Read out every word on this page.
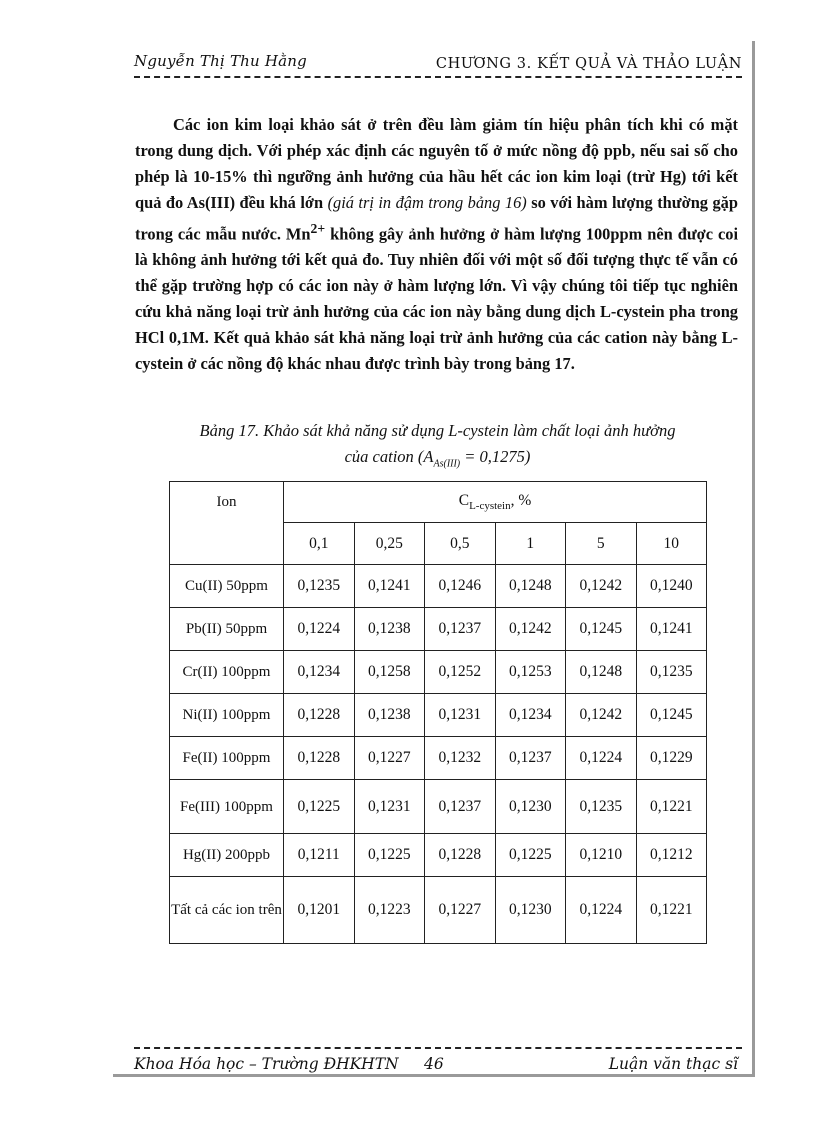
Nguyễn Thị Thu Hằng	CHƯƠNG 3. KẾT QUẢ VÀ THẢO LUẬN

Các ion kim loại khảo sát ở trên đều làm giảm tín hiệu phân tích khi có mặt trong dung dịch. Với phép xác định các nguyên tố ở mức nồng độ ppb, nếu sai số cho phép là 10-15% thì ngưỡng ảnh hưởng của hầu hết các ion kim loại (trừ Hg) tới kết quả đo As(III) đều khá lớn (giá trị in đậm trong bảng 16) so với hàm lượng thường gặp trong các mẫu nước. $Mn^{2+}$ không gây ảnh hưởng ở hàm lượng 100ppm nên được coi là không ảnh hưởng tới kết quả đo. Tuy nhiên đối với một số đối tượng thực tế vẫn có thể gặp trường hợp có các ion này ở hàm lượng lớn. Vì vậy chúng tôi tiếp tục nghiên cứu khả năng loại trừ ảnh hưởng của các ion này bằng dung dịch L-cystein pha trong HCl 0,1M. Kết quả khảo sát khả năng loại trừ ảnh hưởng của các cation này bằng L-cystein ở các nồng độ khác nhau được trình bày trong bảng 17.

Bảng 17. Khảo sát khả năng sử dụng L-cystein làm chất loại ảnh hưởng
của cation $(A_{As(III)} = 0,1275)$
Ion	$C_{L-cystein}$, %					
	0,1	0,25	0,5	1	5	10
Cu(II) 50ppm	0,1235	0,1241	0,1246	0,1248	0,1242	0,1240
Pb(II) 50ppm	0,1224	0,1238	0,1237	0,1242	0,1245	0,1241
Cr(II) 100ppm	0,1234	0,1258	0,1252	0,1253	0,1248	0,1235
Ni(II) 100ppm	0,1228	0,1238	0,1231	0,1234	0,1242	0,1245
Fe(II) 100ppm	0,1228	0,1227	0,1232	0,1237	0,1224	0,1229
Fe(III) 100ppm	0,1225	0,1231	0,1237	0,1230	0,1235	0,1221
Hg(II) 200ppb	0,1211	0,1225	0,1228	0,1225	0,1210	0,1212
Tất cả các ion trên	0,1201	0,1223	0,1227	0,1230	0,1224	0,1221
Khoa Hóa học – Trường ĐHKHTN 46	Luận văn thạc sĩ
